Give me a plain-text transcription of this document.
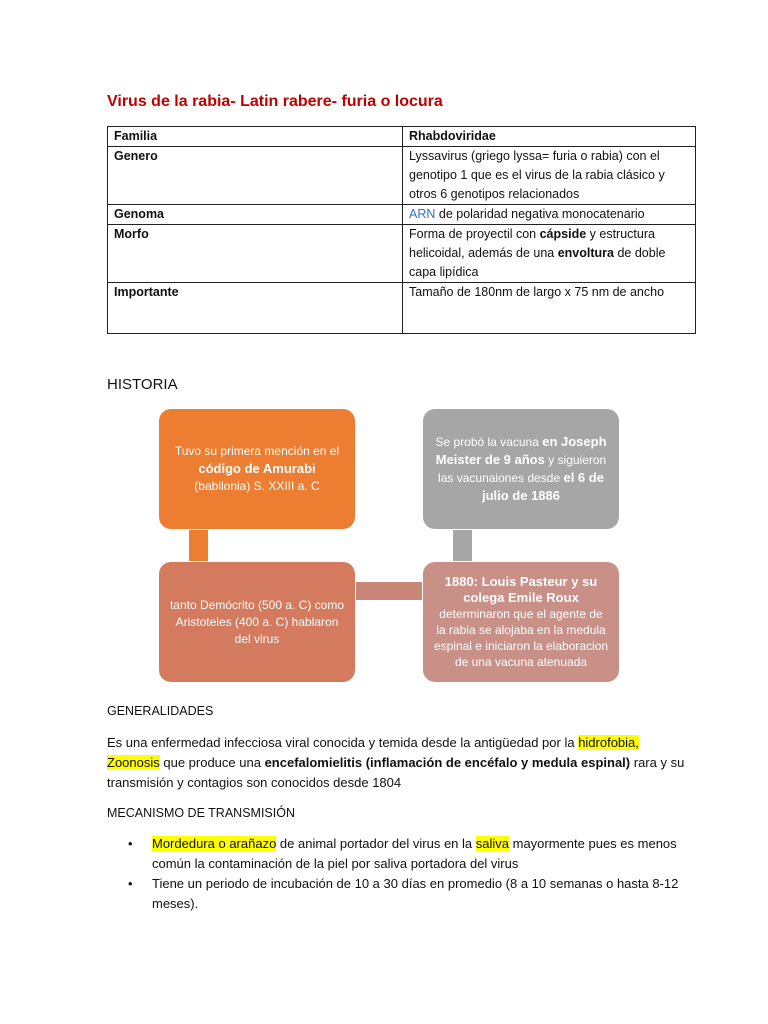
Virus de la rabia- Latin rabere- furia o locura
Familia	Rhabdoviridae
Genero	Lyssavirus (griego lyssa= furia o rabia) con el genotipo 1 que es el virus de la rabia clásico y otros 6 genotipos relacionados
Genoma	ARN de polaridad negativa monocatenario
Morfo	Forma de proyectil con cápside y estructura helicoidal, además de una envoltura de doble capa lipídica
Importante	Tamaño de 180nm de largo x 75 nm de ancho
HISTORIA
Tuvo su primera mención en el código de Amurabi
(babilonia) S. XXIII a. C
Se probó la vacuna en Joseph Meister de 9 años y siguieron las vacunaiones desde el 6 de julio de 1886
tanto Demócrito (500 a. C) como Aristoteles (400 a. C) hablaron del virus
1880: Louis Pasteur y su colega Emile Roux
determinaron que el agente de la rabia se alojaba en la medula espinal e iniciaron la elaboracion de una vacuna atenuada
GENERALIDADES
Es una enfermedad infecciosa viral conocida y temida desde la antigüedad por la hidrofobia, Zoonosis que produce una encefalomielitis (inflamación de encéfalo y medula espinal) rara y su transmisión y contagios son conocidos desde 1804
MECANISMO DE TRANSMISIÓN
• Mordedura o arañazo de animal portador del virus en la saliva mayormente pues es menos común la contaminación de la piel por saliva portadora del virus
• Tiene un periodo de incubación de 10 a 30 días en promedio (8 a 10 semanas o hasta 8-12 meses).
